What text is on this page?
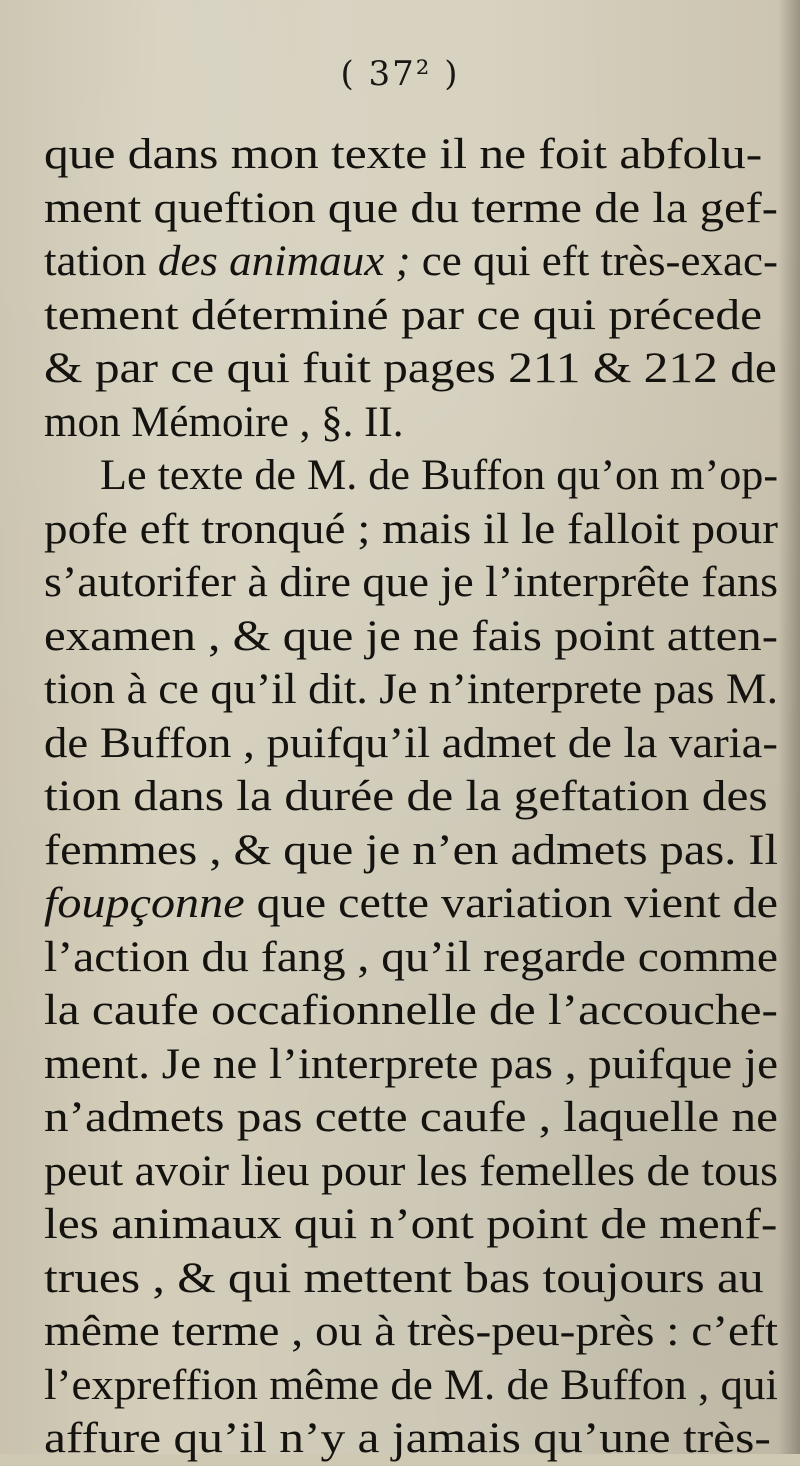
( 37² )
que dans mon texte il ne foit abfolu-
ment queftion que du terme de la gef-
tation des animaux ; ce qui eft très-exac-
tement déterminé par ce qui précede
& par ce qui fuit pages 211 & 212 de
mon Mémoire , §. II.
Le texte de M. de Buffon qu’on m’op-
pofe eft tronqué ; mais il le falloit pour
s’autorifer à dire que je l’interprête fans
examen , & que je ne fais point atten-
tion à ce qu’il dit. Je n’interprete pas M.
de Buffon , puifqu’il admet de la varia-
tion dans la durée de la geftation des
femmes , & que je n’en admets pas. Il
foupçonne que cette variation vient de
l’action du fang , qu’il regarde comme
la caufe occafionnelle de l’accouche-
ment. Je ne l’interprete pas , puifque je
n’admets pas cette caufe , laquelle ne
peut avoir lieu pour les femelles de tous
les animaux qui n’ont point de menf-
trues , & qui mettent bas toujours au
même terme , ou à très-peu-près : c’eft
l’expreffion même de M. de Buffon , qui
affure qu’il n’y a jamais qu’une très-
